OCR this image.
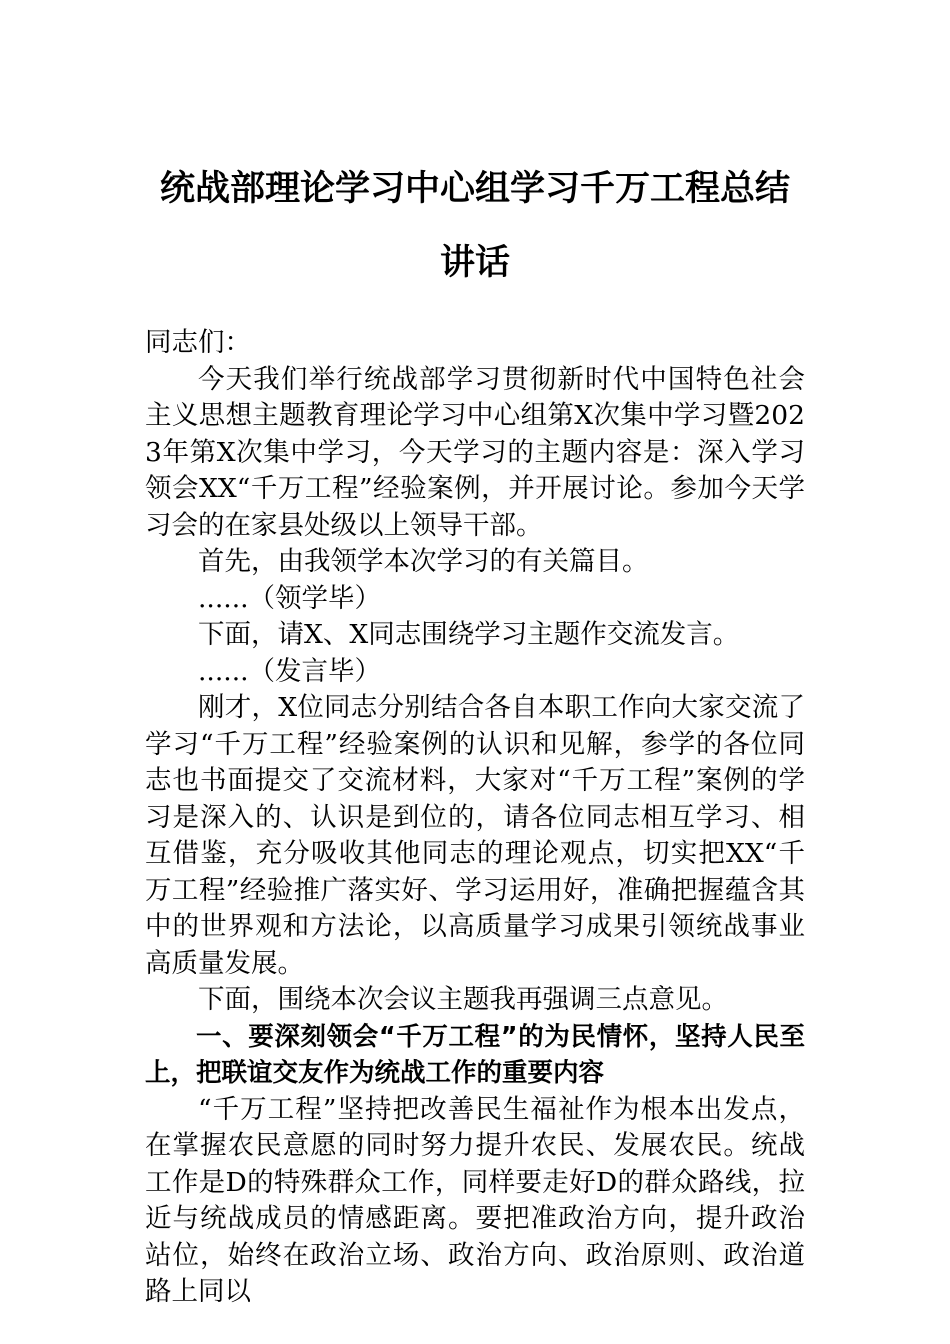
统战部理论学习中心组学习千万工程总结讲话

同志们：

今天我们举行统战部学习贯彻新时代中国特色社会主义思想主题教育理论学习中心组第X次集中学习暨2023年第X次集中学习，今天学习的主题内容是：深入学习领会XX“千万工程”经验案例，并开展讨论。参加今天学习会的在家县处级以上领导干部。

首先，由我领学本次学习的有关篇目。

......（领学毕）

下面，请X、X同志围绕学习主题作交流发言。

......（发言毕）

刚才，X位同志分别结合各自本职工作向大家交流了学习“千万工程”经验案例的认识和见解，参学的各位同志也书面提交了交流材料，大家对“千万工程”案例的学习是深入的、认识是到位的，请各位同志相互学习、相互借鉴，充分吸收其他同志的理论观点，切实把XX“千万工程”经验推广落实好、学习运用好，准确把握蕴含其中的世界观和方法论，以高质量学习成果引领统战事业高质量发展。

下面，围绕本次会议主题我再强调三点意见。

一、要深刻领会“千万工程”的为民情怀，坚持人民至上，把联谊交友作为统战工作的重要内容

“千万工程”坚持把改善民生福祉作为根本出发点，在掌握农民意愿的同时努力提升农民、发展农民。统战工作是D的特殊群众工作，同样要走好D的群众路线，拉近与统战成员的情感距离。要把准政治方向，提升政治站位，始终在政治立场、政治方向、政治原则、政治道路上同以
